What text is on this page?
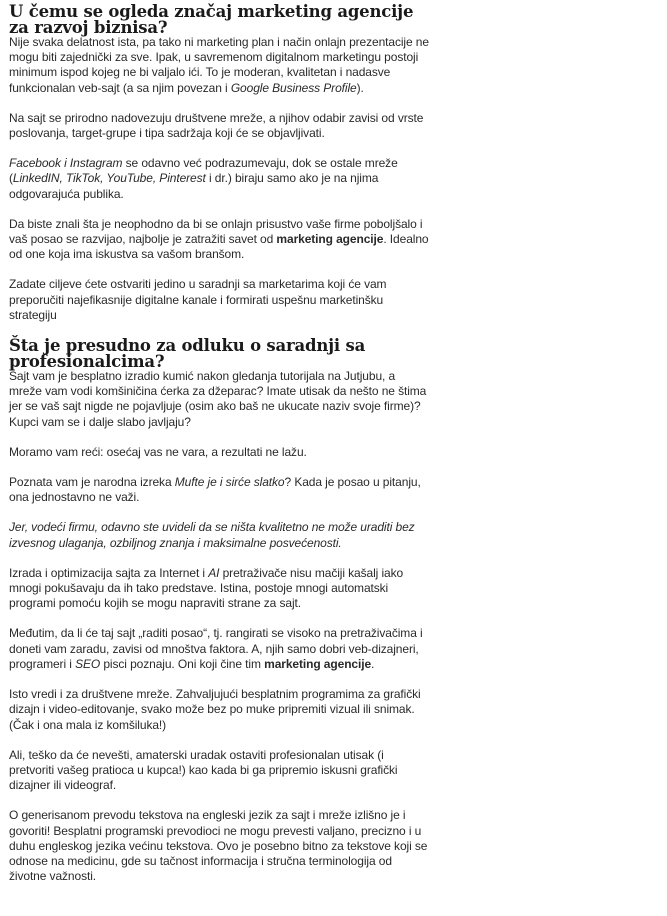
U čemu se ogleda značaj marketing agencije za razvoj biznisa?

Nije svaka delatnost ista, pa tako ni marketing plan i način onlajn prezentacije ne mogu biti zajednički za sve. Ipak, u savremenom digitalnom marketingu postoji minimum ispod kojeg ne bi valjalo ići. To je moderan, kvalitetan i nadasve funkcionalan veb-sajt (a sa njim povezan i Google Business Profile).

Na sajt se prirodno nadovezuju društvene mreže, a njihov odabir zavisi od vrste poslovanja, target-grupe i tipa sadržaja koji će se objavljivati.

Facebook i Instagram se odavno već podrazumevaju, dok se ostale mreže (LinkedIN, TikTok, YouTube, Pinterest i dr.) biraju samo ako je na njima odgovarajuća publika.

Da biste znali šta je neophodno da bi se onlajn prisustvo vaše firme poboljšalo i vaš posao se razvijao, najbolje je zatražiti savet od marketing agencije. Idealno od one koja ima iskustva sa vašom branšom.

Zadate ciljeve ćete ostvariti jedino u saradnji sa marketarima koji će vam preporučiti najefikasnije digitalne kanale i formirati uspešnu marketinšku strategiju

Šta je presudno za odluku o saradnji sa profesionalcima?

Sajt vam je besplatno izradio kumić nakon gledanja tutorijala na Jutjubu, a mreže vam vodi komšiničina ćerka za džeparac? Imate utisak da nešto ne štima jer se vaš sajt nigde ne pojavljuje (osim ako baš ne ukucate naziv svoje firme)? Kupci vam se i dalje slabo javljaju?

Moramo vam reći: osećaj vas ne vara, a rezultati ne lažu.

Poznata vam je narodna izreka Mufte je i sirće slatko? Kada je posao u pitanju, ona jednostavno ne važi.

Jer, vodeći firmu, odavno ste uvideli da se ništa kvalitetno ne može uraditi bez izvesnog ulaganja, ozbiljnog znanja i maksimalne posvećenosti.

Izrada i optimizacija sajta za Internet i AI pretraživače nisu mačiji kašalj iako mnogi pokušavaju da ih tako predstave. Istina, postoje mnogi automatski programi pomoću kojih se mogu napraviti strane za sajt.

Međutim, da li će taj sajt „raditi posao“, tj. rangirati se visoko na pretraživačima i doneti vam zaradu, zavisi od mnoštva faktora. A, njih samo dobri veb-dizajneri, programeri i SEO pisci poznaju. Oni koji čine tim marketing agencije.

Isto vredi i za društvene mreže. Zahvaljujući besplatnim programima za grafički dizajn i video-editovanje, svako može bez po muke pripremiti vizual ili snimak. (Čak i ona mala iz komšiluka!)

Ali, teško da će nevešti, amaterski uradak ostaviti profesionalan utisak (i pretvoriti vašeg pratioca u kupca!) kao kada bi ga pripremio iskusni grafički dizajner ili videograf.

O generisanom prevodu tekstova na engleski jezik za sajt i mreže izlišno je i govoriti! Besplatni programski prevodioci ne mogu prevesti valjano, precizno i u duhu engleskog jezika većinu tekstova. Ovo je posebno bitno za tekstove koji se odnose na medicinu, gde su tačnost informacija i stručna terminologija od životne važnosti.
